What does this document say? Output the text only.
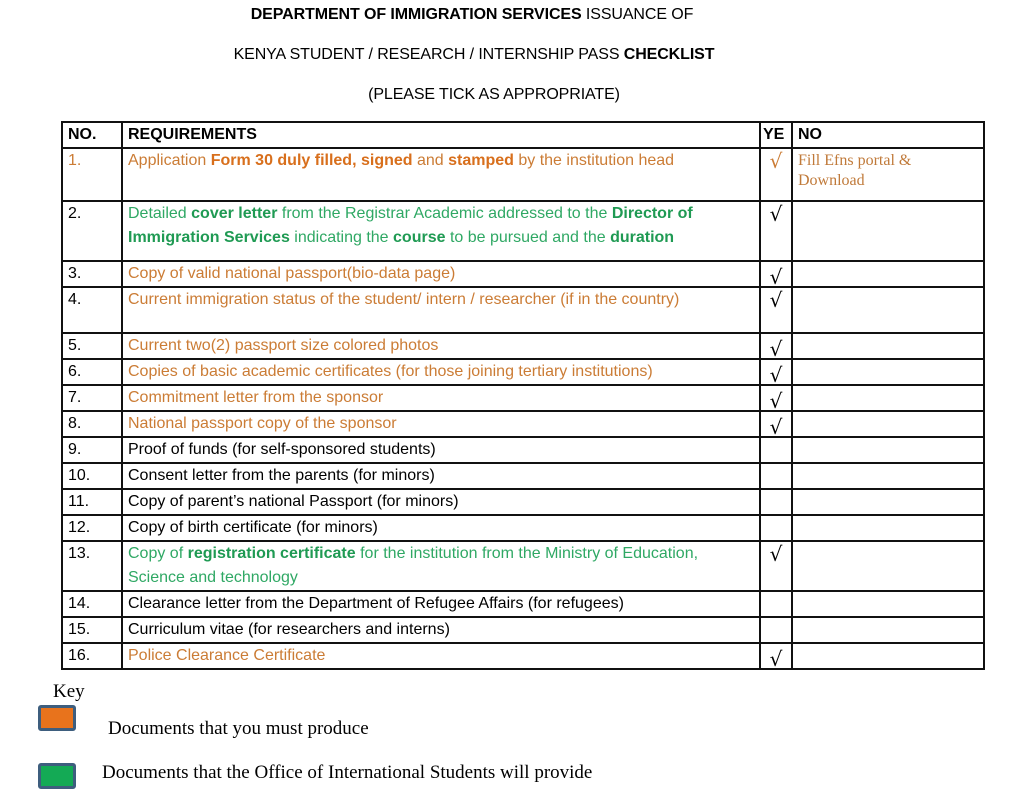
DEPARTMENT OF IMMIGRATION SERVICES ISSUANCE OF
KENYA STUDENT / RESEARCH / INTERNSHIP PASS CHECKLIST
(PLEASE TICK AS APPROPRIATE)
NO.	REQUIREMENTS	YE	NO
1.	Application Form 30 duly filled, signed and stamped by the institution head	√	Fill Efns portal & Download
2.	Detailed cover letter from the Registrar Academic addressed to the Director of Immigration Services indicating the course to be pursued and the duration	√	
3.	Copy of valid national passport(bio-data page)	√	
4.	Current immigration status of the student/ intern / researcher (if in the country)	√	
5.	Current two(2) passport size colored photos	√	
6.	Copies of basic academic certificates (for those joining tertiary institutions)	√	
7.	Commitment letter from the sponsor	√	
8.	National passport copy of the sponsor	√	
9.	Proof of funds (for self-sponsored students)		
10.	Consent letter from the parents (for minors)		
11.	Copy of parent’s national Passport (for minors)		
12.	Copy of birth certificate (for minors)		
13.	Copy of registration certificate for the institution from the Ministry of Education, Science and technology	√	
14.	Clearance letter from the Department of Refugee Affairs (for refugees)		
15.	Curriculum vitae (for researchers and interns)		
16.	Police Clearance Certificate	√	
Key
Documents that you must produce
Documents that the Office of International Students will provide
